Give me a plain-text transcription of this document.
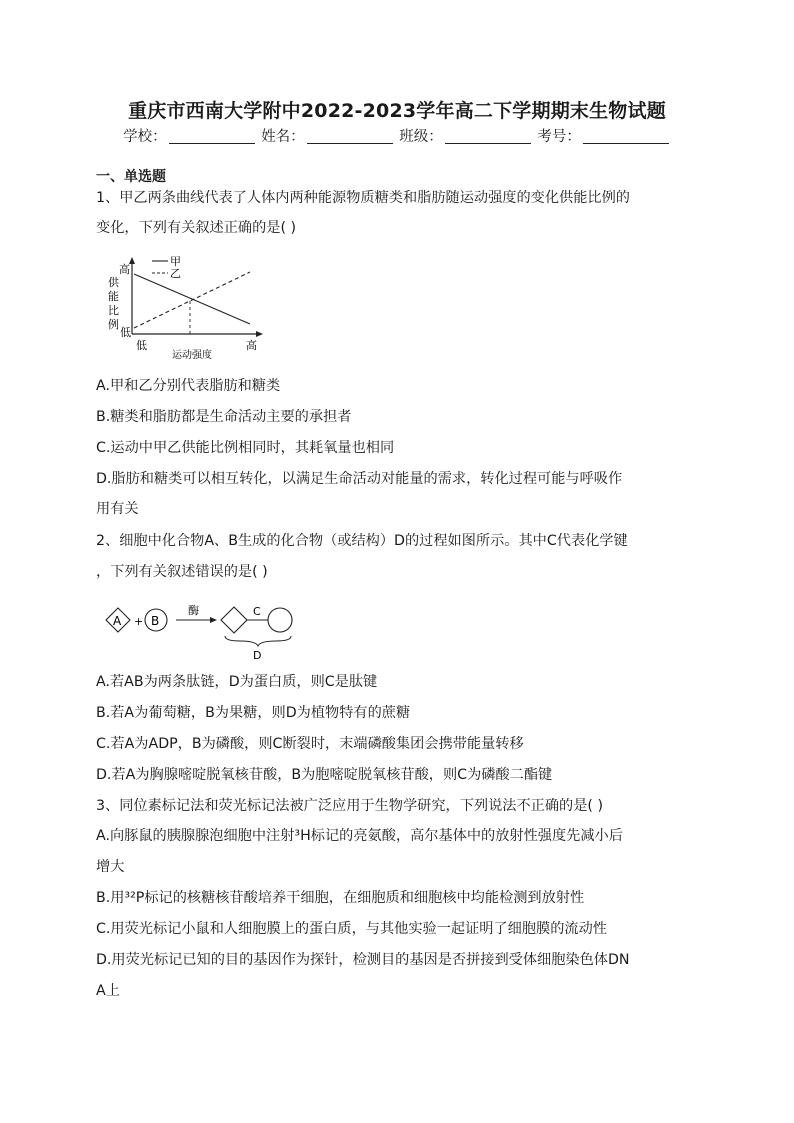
重庆市西南大学附中2022-2023学年高二下学期期末生物试题
学校：	姓名：	班级：	考号：
一、单选题
1、甲乙两条曲线代表了人体内两种能源物质糖类和脂肪随运动强度的变化供能比例的
变化，下列有关叙述正确的是( )
甲
乙
高
供
能
比
例
低
低	高
运动强度
A.甲和乙分别代表脂肪和糖类
B.糖类和脂肪都是生命活动主要的承担者
C.运动中甲乙供能比例相同时，其耗氧量也相同
D.脂肪和糖类可以相互转化，以满足生命活动对能量的需求，转化过程可能与呼吸作
用有关
2、细胞中化合物A、B生成的化合物（或结构）D的过程如图所示。其中C代表化学键
，下列有关叙述错误的是( )
A + B
酶	C
D
A.若AB为两条肽链，D为蛋白质，则C是肽键
B.若A为葡萄糖，B为果糖，则D为植物特有的蔗糖
C.若A为ADP，B为磷酸，则C断裂时，末端磷酸集团会携带能量转移
D.若A为胸腺嘧啶脱氧核苷酸，B为胞嘧啶脱氧核苷酸，则C为磷酸二酯键
3、同位素标记法和荧光标记法被广泛应用于生物学研究，下列说法不正确的是( )
A.向豚鼠的胰腺腺泡细胞中注射³H标记的亮氨酸，高尔基体中的放射性强度先减小后
增大
B.用³²P标记的核糖核苷酸培养干细胞，在细胞质和细胞核中均能检测到放射性
C.用荧光标记小鼠和人细胞膜上的蛋白质，与其他实验一起证明了细胞膜的流动性
D.用荧光标记已知的目的基因作为探针，检测目的基因是否拼接到受体细胞染色体DN
A上
